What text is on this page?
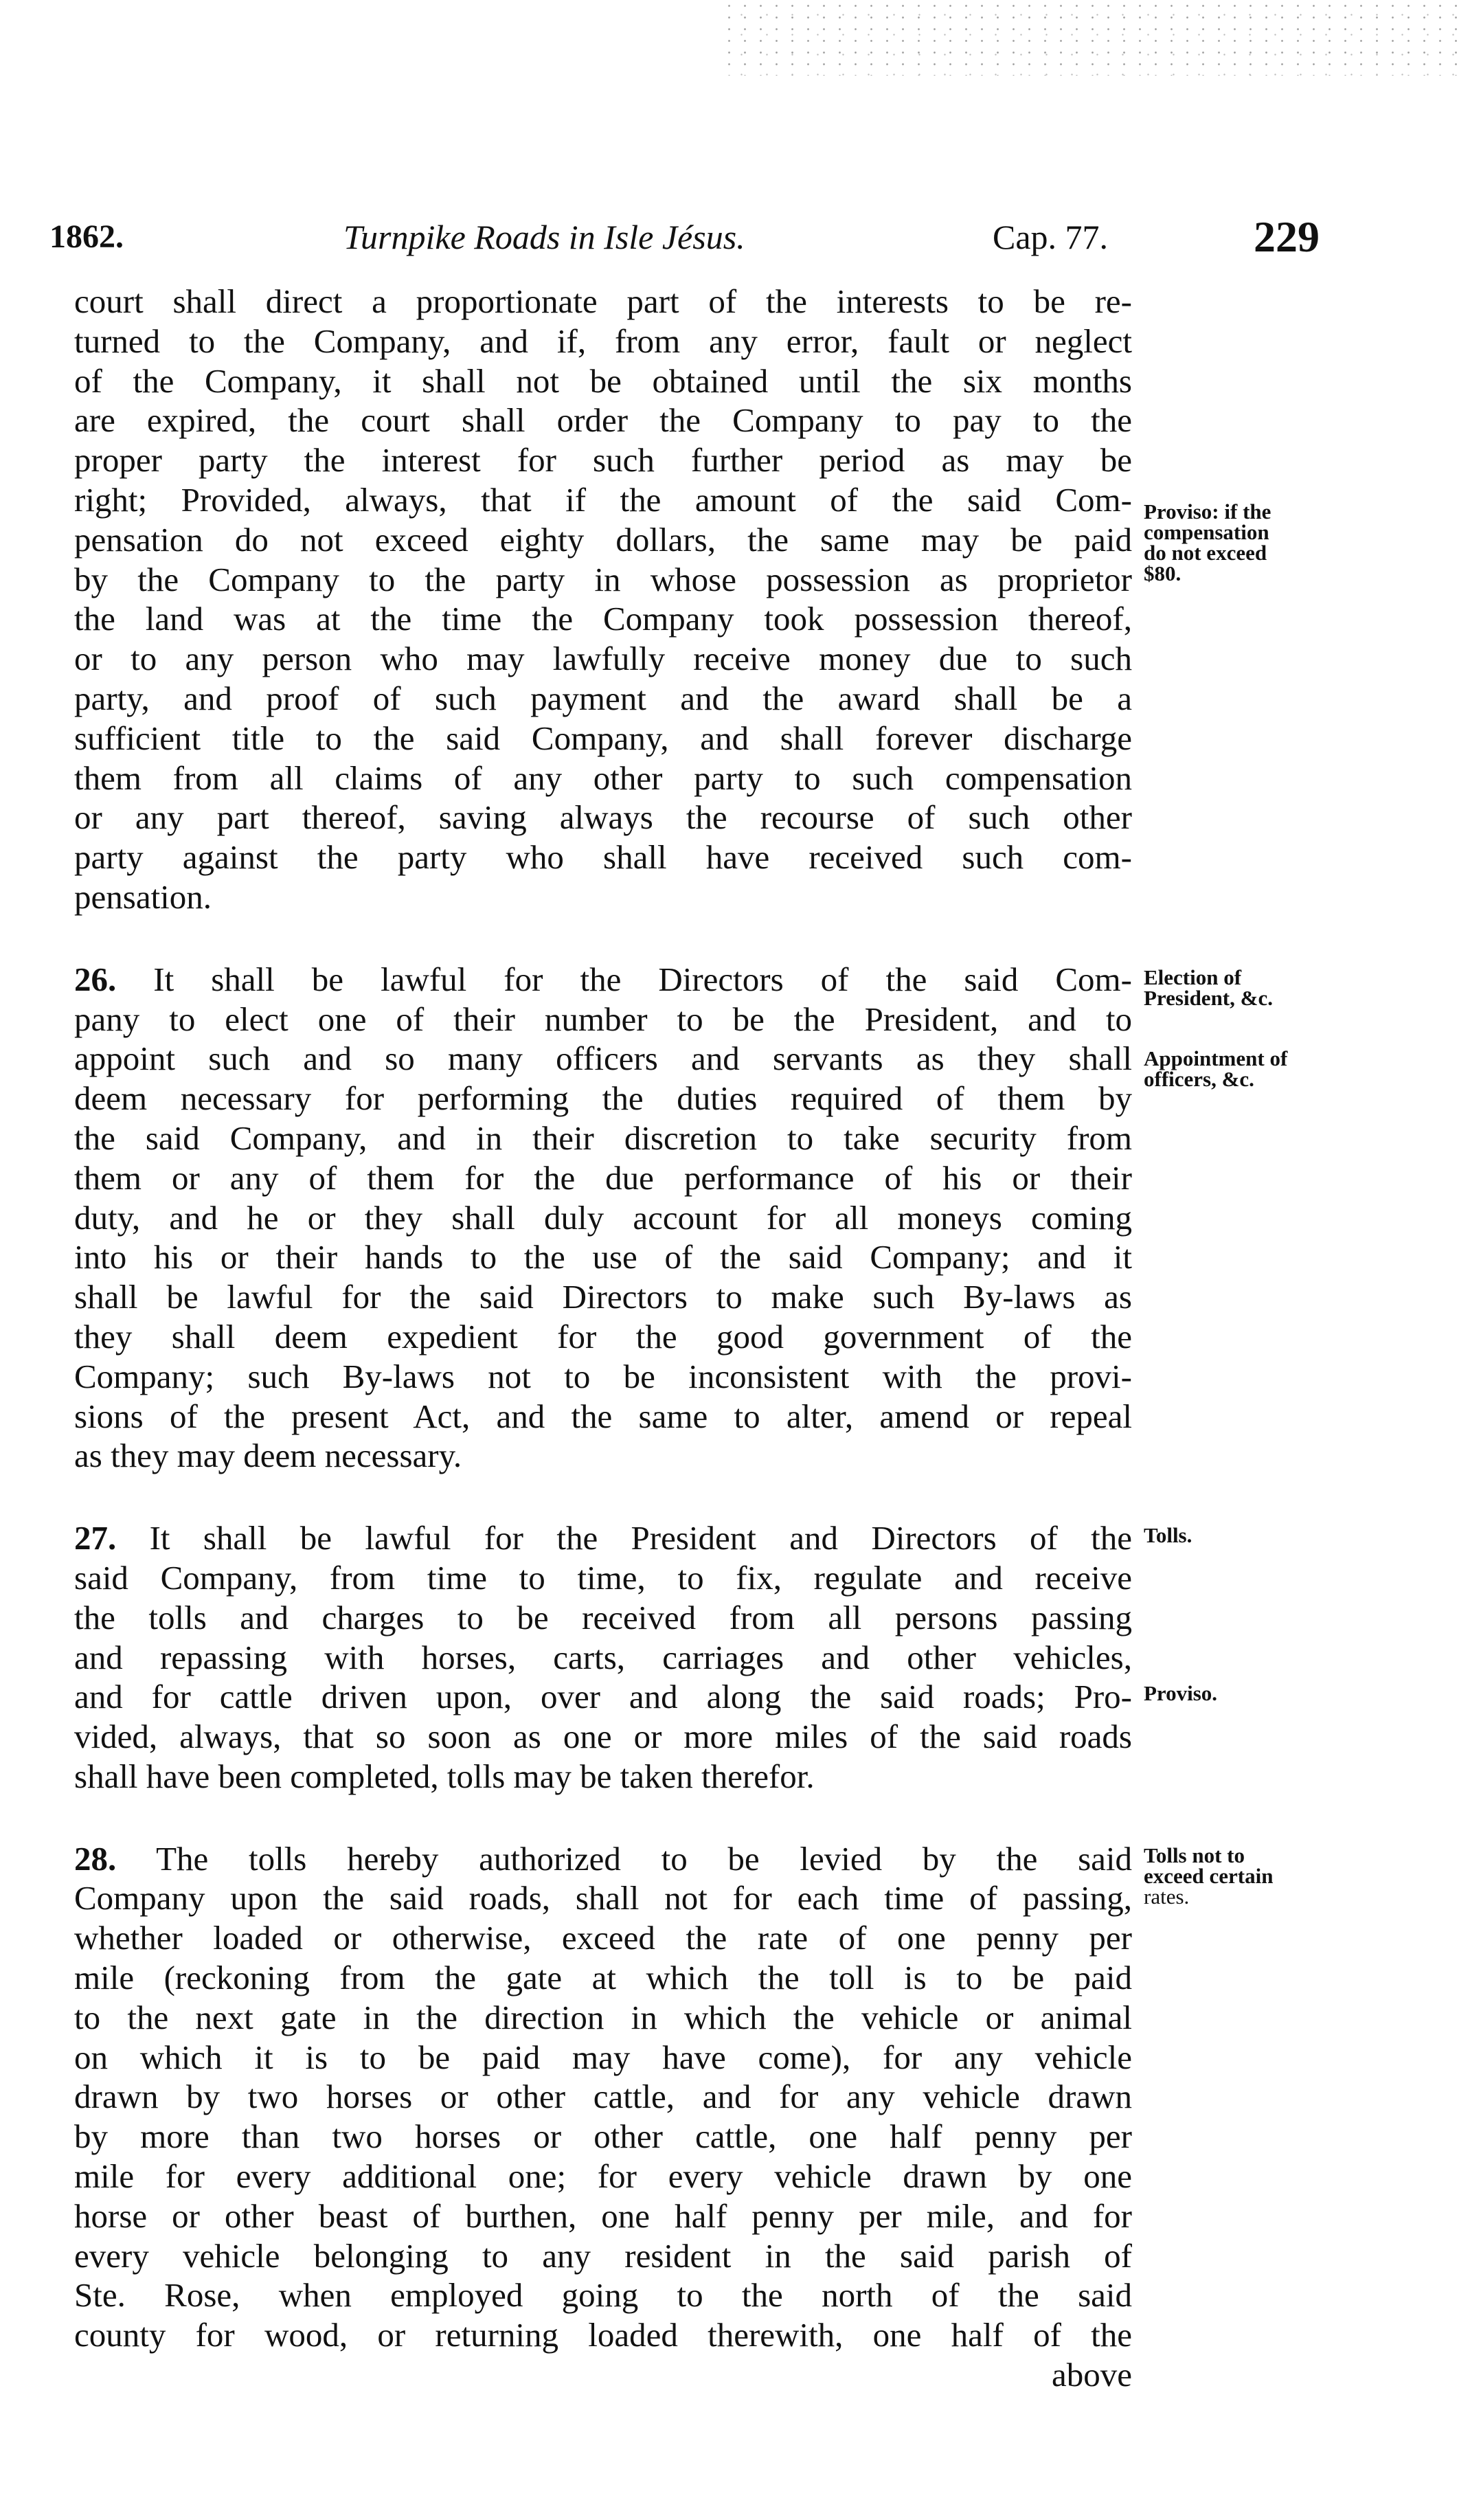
1862.	Turnpike Roads in Isle Jésus.	Cap. 77.	229
court shall direct a proportionate part of the interests to be re-
turned to the Company, and if, from any error, fault or neglect
of the Company, it shall not be obtained until the six months
are expired, the court shall order the Company to pay to the
proper party the interest for such further period as may be
right; Provided, always, that if the amount of the said Com-
pensation do not exceed eighty dollars, the same may be paid
by the Company to the party in whose possession as proprietor
the land was at the time the Company took possession thereof,
or to any person who may lawfully receive money due to such
party, and proof of such payment and the award shall be a
sufficient title to the said Company, and shall forever discharge
them from all claims of any other party to such compensation
or any part thereof, saving always the recourse of such other
party against the party who shall have received such com-
pensation.
26. It shall be lawful for the Directors of the said Com-
pany to elect one of their number to be the President, and to
appoint such and so many officers and servants as they shall
deem necessary for performing the duties required of them by
the said Company, and in their discretion to take security from
them or any of them for the due performance of his or their
duty, and he or they shall duly account for all moneys coming
into his or their hands to the use of the said Company; and it
shall be lawful for the said Directors to make such By-laws as
they shall deem expedient for the good government of the
Company; such By-laws not to be inconsistent with the provi-
sions of the present Act, and the same to alter, amend or repeal
as they may deem necessary.
27. It shall be lawful for the President and Directors of the
said Company, from time to time, to fix, regulate and receive
the tolls and charges to be received from all persons passing
and repassing with horses, carts, carriages and other vehicles,
and for cattle driven upon, over and along the said roads; Pro-
vided, always, that so soon as one or more miles of the said roads
shall have been completed, tolls may be taken therefor.
28. The tolls hereby authorized to be levied by the said
Company upon the said roads, shall not for each time of passing,
whether loaded or otherwise, exceed the rate of one penny per
mile (reckoning from the gate at which the toll is to be paid
to the next gate in the direction in which the vehicle or animal
on which it is to be paid may have come), for any vehicle
drawn by two horses or other cattle, and for any vehicle drawn
by more than two horses or other cattle, one half penny per
mile for every additional one; for every vehicle drawn by one
horse or other beast of burthen, one half penny per mile, and for
every vehicle belonging to any resident in the said parish of
Ste. Rose, when employed going to the north of the said
county for wood, or returning loaded therewith, one half of the
above
Proviso: if the
compensation
do not exceed
$80.
Election of
President, &c.
Appointment of
officers, &c.
Tolls.
Proviso.
Tolls not to
exceed certain
rates.
